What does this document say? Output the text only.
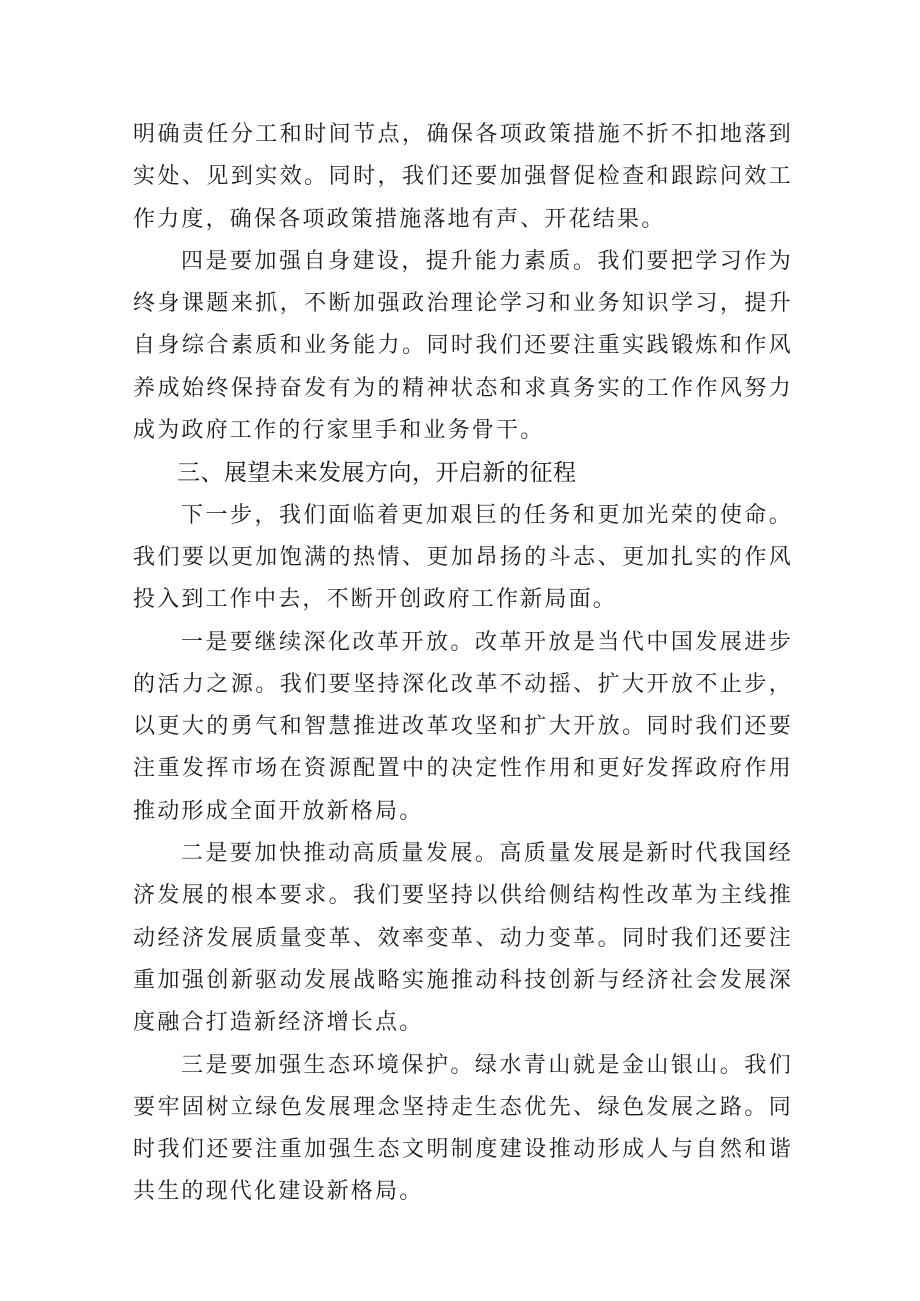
明确责任分工和时间节点，确保各项政策措施不折不扣地落到实处、见到实效。同时，我们还要加强督促检查和跟踪问效工作力度，确保各项政策措施落地有声、开花结果。

四是要加强自身建设，提升能力素质。我们要把学习作为终身课题来抓，不断加强政治理论学习和业务知识学习，提升自身综合素质和业务能力。同时我们还要注重实践锻炼和作风养成始终保持奋发有为的精神状态和求真务实的工作作风努力成为政府工作的行家里手和业务骨干。

三、展望未来发展方向，开启新的征程

下一步，我们面临着更加艰巨的任务和更加光荣的使命。我们要以更加饱满的热情、更加昂扬的斗志、更加扎实的作风投入到工作中去，不断开创政府工作新局面。

一是要继续深化改革开放。改革开放是当代中国发展进步的活力之源。我们要坚持深化改革不动摇、扩大开放不止步，以更大的勇气和智慧推进改革攻坚和扩大开放。同时我们还要注重发挥市场在资源配置中的决定性作用和更好发挥政府作用推动形成全面开放新格局。

二是要加快推动高质量发展。高质量发展是新时代我国经济发展的根本要求。我们要坚持以供给侧结构性改革为主线推动经济发展质量变革、效率变革、动力变革。同时我们还要注重加强创新驱动发展战略实施推动科技创新与经济社会发展深度融合打造新经济增长点。

三是要加强生态环境保护。绿水青山就是金山银山。我们要牢固树立绿色发展理念坚持走生态优先、绿色发展之路。同时我们还要注重加强生态文明制度建设推动形成人与自然和谐共生的现代化建设新格局。
